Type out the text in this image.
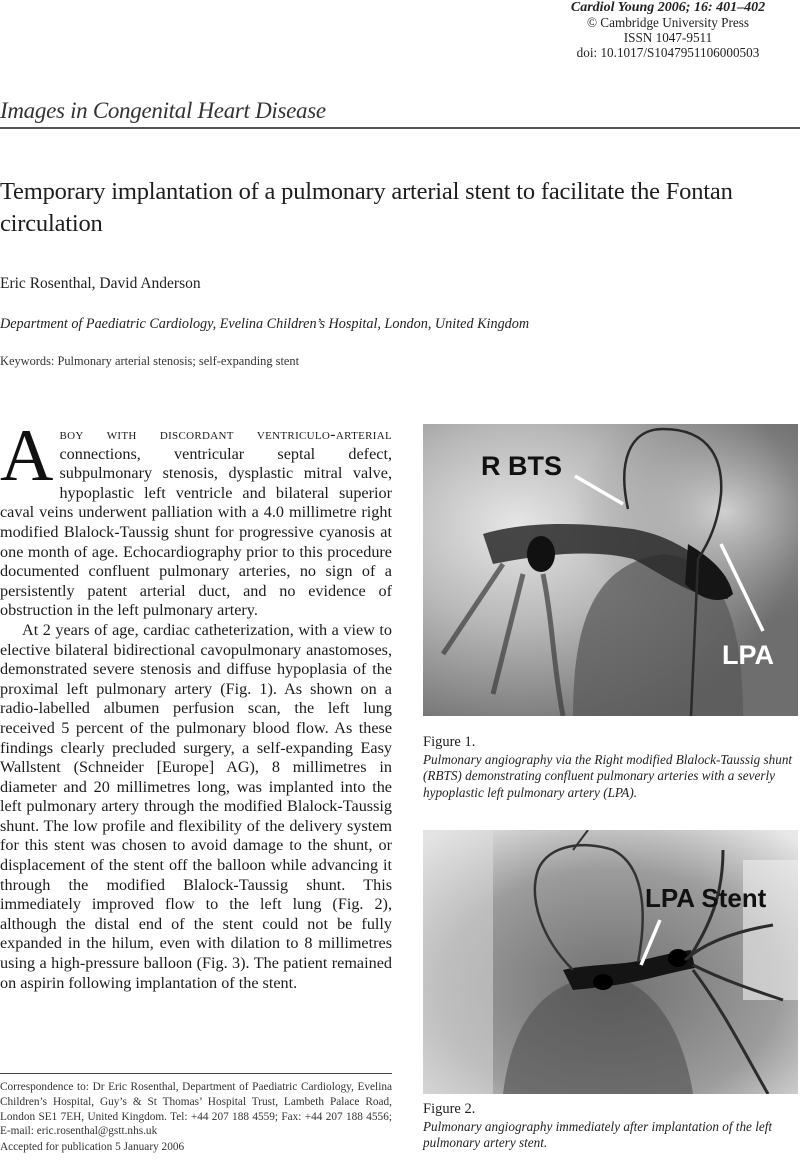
Cardiol Young 2006; 16: 401–402
© Cambridge University Press
ISSN 1047-9511
doi: 10.1017/S1047951106000503
Images in Congenital Heart Disease
Temporary implantation of a pulmonary arterial stent to facilitate the Fontan circulation
Eric Rosenthal, David Anderson
Department of Paediatric Cardiology, Evelina Children’s Hospital, London, United Kingdom
Keywords: Pulmonary arterial stenosis; self-expanding stent

Aboy with discordant ventriculo-arterial connections, ventricular septal defect, subpulmonary stenosis, dysplastic mitral valve, hypoplastic left ventricle and bilateral superior caval veins underwent palliation with a 4.0 millimetre right modified Blalock-Taussig shunt for progressive cyanosis at one month of age. Echocardiography prior to this procedure documented confluent pulmonary arteries, no sign of a persistently patent arterial duct, and no evidence of obstruction in the left pulmonary artery.

At 2 years of age, cardiac catheterization, with a view to elective bilateral bidirectional cavopulmonary anastomoses, demonstrated severe stenosis and diffuse hypoplasia of the proximal left pulmonary artery (Fig. 1). As shown on a radio-labelled albumen perfusion scan, the left lung received 5 percent of the pulmonary blood flow. As these findings clearly precluded surgery, a self-expanding Easy Wallstent (Schneider [Europe] AG), 8 millimetres in diameter and 20 millimetres long, was implanted into the left pulmonary artery through the modified Blalock-Taussig shunt. The low profile and flexibility of the delivery system for this stent was chosen to avoid damage to the shunt, or displacement of the stent off the balloon while advancing it through the modified Blalock-Taussig shunt. This immediately improved flow to the left lung (Fig. 2), although the distal end of the stent could not be fully expanded in the hilum, even with dilation to 8 millimetres using a high-pressure balloon (Fig. 3). The patient remained on aspirin following implantation of the stent.

Correspondence to: Dr Eric Rosenthal, Department of Paediatric Cardiology, Evelina Children’s Hospital, Guy’s & St Thomas’ Hospital Trust, Lambeth Palace Road, London SE1 7EH, United Kingdom. Tel: +44 207 188 4559; Fax: +44 207 188 4556; E-mail: eric.rosenthal@gstt.nhs.uk
Accepted for publication 5 January 2006
R BTS
LPA
Figure 1.
Pulmonary angiography via the Right modified Blalock-Taussig shunt (RBTS) demonstrating confluent pulmonary arteries with a severly hypoplastic left pulmonary artery (LPA).
LPA Stent
Figure 2.
Pulmonary angiography immediately after implantation of the left pulmonary artery stent.
